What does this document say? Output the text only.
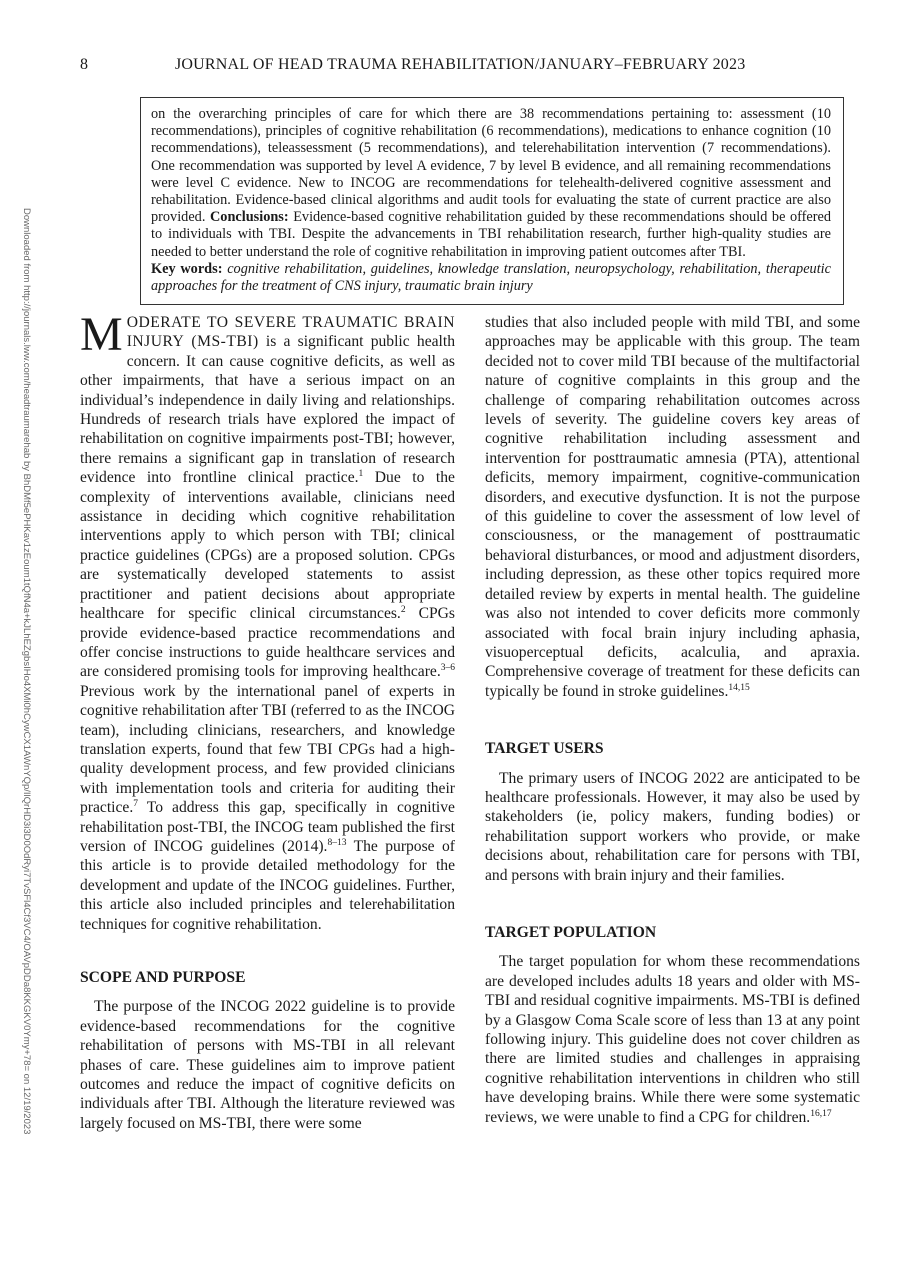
8	JOURNAL OF HEAD TRAUMA REHABILITATION/JANUARY–FEBRUARY 2023
Downloaded from http://journals.lww.com/headtraumarehab by BhDMf5ePHKav1zEoum1tQfN4a+kJLhEZgbsIHo4XMi0hCywCX1AWnYQp/IlQrHD3i3D0OdRyi7TvSFl4Cf3VC4/OAVpDDa8KKGKV0Ymy+78= on 12/19/2023
on the overarching principles of care for which there are 38 recommendations pertaining to: assessment (10 recommendations), principles of cognitive rehabilitation (6 recommendations), medications to enhance cognition (10 recommendations), teleassessment (5 recommendations), and telerehabilitation intervention (7 recommendations). One recommendation was supported by level A evidence, 7 by level B evidence, and all remaining recommendations were level C evidence. New to INCOG are recommendations for telehealth-delivered cognitive assessment and rehabilitation. Evidence-based clinical algorithms and audit tools for evaluating the state of current practice are also provided. Conclusions: Evidence-based cognitive rehabilitation guided by these recommendations should be offered to individuals with TBI. Despite the advancements in TBI rehabilitation research, further high-quality studies are needed to better understand the role of cognitive rehabilitation in improving patient outcomes after TBI.
Key words: cognitive rehabilitation, guidelines, knowledge translation, neuropsychology, rehabilitation, therapeutic approaches for the treatment of CNS injury, traumatic brain injury

MODERATE TO SEVERE TRAUMATIC BRAIN INJURY (MS-TBI) is a significant public health concern. It can cause cognitive deficits, as well as other impairments, that have a serious impact on an individual’s independence in daily living and relationships. Hundreds of research trials have explored the impact of rehabilitation on cognitive impairments post-TBI; however, there remains a significant gap in translation of research evidence into frontline clinical practice.$^1$ Due to the complexity of interventions available, clinicians need assistance in deciding which cognitive rehabilitation interventions apply to which person with TBI; clinical practice guidelines (CPGs) are a proposed solution. CPGs are systematically developed statements to assist practitioner and patient decisions about appropriate healthcare for specific clinical circumstances.$^2$ CPGs provide evidence-based practice recommendations and offer concise instructions to guide healthcare services and are considered promising tools for improving healthcare.$^{3-6}$ Previous work by the international panel of experts in cognitive rehabilitation after TBI (referred to as the INCOG team), including clinicians, researchers, and knowledge translation experts, found that few TBI CPGs had a high-quality development process, and few provided clinicians with implementation tools and criteria for auditing their practice.$^7$ To address this gap, specifically in cognitive rehabilitation post-TBI, the INCOG team published the first version of INCOG guidelines (2014).$^{8-13}$ The purpose of this article is to provide detailed methodology for the development and update of the INCOG guidelines. Further, this article also included principles and telerehabilitation techniques for cognitive rehabilitation.

SCOPE AND PURPOSE

The purpose of the INCOG 2022 guideline is to provide evidence-based recommendations for the cognitive rehabilitation of persons with MS-TBI in all relevant phases of care. These guidelines aim to improve patient outcomes and reduce the impact of cognitive deficits on individuals after TBI. Although the literature reviewed was largely focused on MS-TBI, there were some

studies that also included people with mild TBI, and some approaches may be applicable with this group. The team decided not to cover mild TBI because of the multifactorial nature of cognitive complaints in this group and the challenge of comparing rehabilitation outcomes across levels of severity. The guideline covers key areas of cognitive rehabilitation including assessment and intervention for posttraumatic amnesia (PTA), attentional deficits, memory impairment, cognitive-communication disorders, and executive dysfunction. It is not the purpose of this guideline to cover the assessment of low level of consciousness, or the management of posttraumatic behavioral disturbances, or mood and adjustment disorders, including depression, as these other topics required more detailed review by experts in mental health. The guideline was also not intended to cover deficits more commonly associated with focal brain injury including aphasia, visuoperceptual deficits, acalculia, and apraxia. Comprehensive coverage of treatment for these deficits can typically be found in stroke guidelines.$^{14,15}$

TARGET USERS

The primary users of INCOG 2022 are anticipated to be healthcare professionals. However, it may also be used by stakeholders (ie, policy makers, funding bodies) or rehabilitation support workers who provide, or make decisions about, rehabilitation care for persons with TBI, and persons with brain injury and their families.

TARGET POPULATION

The target population for whom these recommendations are developed includes adults 18 years and older with MS-TBI and residual cognitive impairments. MS-TBI is defined by a Glasgow Coma Scale score of less than 13 at any point following injury. This guideline does not cover children as there are limited studies and challenges in appraising cognitive rehabilitation interventions in children who still have developing brains. While there were some systematic reviews, we were unable to find a CPG for children.$^{16,17}$
